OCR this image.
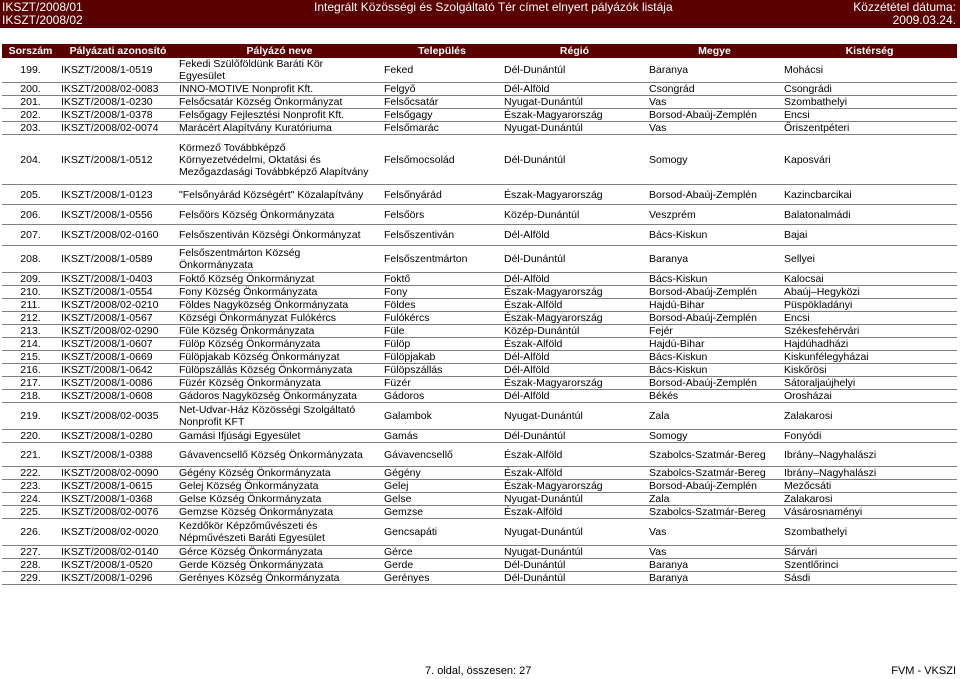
IKSZT/2008/01
IKSZT/2008/02
Integrált Közösségi és Szolgáltató Tér címet elnyert pályázók listája	Közzététel dátuma:
2009.03.24.
Sorszám	Pályázati azonosító	Pályázó neve	Település	Régió	Megye	Kistérség
199.	IKSZT/2008/1-0519	Fekedi Szülőföldünk Baráti Kör
Egyesület	Feked	Dél-Dunántúl	Baranya	Mohácsi
200.	IKSZT/2008/02-0083	INNO-MOTIVE Nonprofit Kft.	Felgyő	Dél-Alföld	Csongrád	Csongrádi
201.	IKSZT/2008/1-0230	Felsőcsatár Község Önkormányzat	Felsőcsatár	Nyugat-Dunántúl	Vas	Szombathelyi
202.	IKSZT/2008/1-0378	Felsőgagy Fejlesztési Nonprofit Kft.	Felsőgagy	Észak-Magyarország	Borsod-Abaúj-Zemplén	Encsi
203.	IKSZT/2008/02-0074	Marácért Alapítvány Kuratóriuma	Felsőmarác	Nyugat-Dunántúl	Vas	Őriszentpéteri
204.	IKSZT/2008/1-0512	Körmező Továbbképző
Környezetvédelmi, Oktatási és
Mezőgazdasági Továbbképző Alapítvány	Felsőmocsolád	Dél-Dunántúl	Somogy	Kaposvári
205.	IKSZT/2008/1-0123	"Felsőnyárád Községért" Közalapítvány	Felsőnyárád	Észak-Magyarország	Borsod-Abaúj-Zemplén	Kazincbarcikai
206.	IKSZT/2008/1-0556	Felsőörs Község Önkormányzata	Felsőörs	Közép-Dunántúl	Veszprém	Balatonalmádi
207.	IKSZT/2008/02-0160	Felsőszentiván Községi Önkormányzat	Felsőszentiván	Dél-Alföld	Bács-Kiskun	Bajai
208.	IKSZT/2008/1-0589	Felsőszentmárton Község
Önkormányzata	Felsőszentmárton	Dél-Dunántúl	Baranya	Sellyei
209.	IKSZT/2008/1-0403	Foktő Község Önkormányzat	Foktő	Dél-Alföld	Bács-Kiskun	Kalocsai
210.	IKSZT/2008/1-0554	Fony Község Önkormányzata	Fony	Észak-Magyarország	Borsod-Abaúj-Zemplén	Abaúj–Hegyközi
211.	IKSZT/2008/02-0210	Földes Nagyközség Önkormányzata	Földes	Észak-Alföld	Hajdú-Bihar	Püspökladányi
212.	IKSZT/2008/1-0567	Községi Önkormányzat Fulókércs	Fulókércs	Észak-Magyarország	Borsod-Abaúj-Zemplén	Encsi
213.	IKSZT/2008/02-0290	Füle Község Önkormányzata	Füle	Közép-Dunántúl	Fejér	Székesfehérvári
214.	IKSZT/2008/1-0607	Fülöp Község Önkormányzata	Fülöp	Észak-Alföld	Hajdú-Bihar	Hajdúhadházi
215.	IKSZT/2008/1-0669	Fülöpjakab Község Önkormányzat	Fülöpjakab	Dél-Alföld	Bács-Kiskun	Kiskunfélegyházai
216.	IKSZT/2008/1-0642	Fülöpszállás Község Önkormányzata	Fülöpszállás	Dél-Alföld	Bács-Kiskun	Kiskőrösi
217.	IKSZT/2008/1-0086	Füzér Község Önkormányzata	Füzér	Észak-Magyarország	Borsod-Abaúj-Zemplén	Sátoraljaújhelyi
218.	IKSZT/2008/1-0608	Gádoros Nagyközség Önkormányzata	Gádoros	Dél-Alföld	Békés	Orosházai
219.	IKSZT/2008/02-0035	Net-Udvar-Ház Közösségi Szolgáltató
Nonprofit KFT	Galambok	Nyugat-Dunántúl	Zala	Zalakarosi
220.	IKSZT/2008/1-0280	Gamási Ifjúsági Egyesület	Gamás	Dél-Dunántúl	Somogy	Fonyódi
221.	IKSZT/2008/1-0388	Gávavencsellő Község Önkormányzata	Gávavencsellő	Észak-Alföld	Szabolcs-Szatmár-Bereg	Ibrány–Nagyhalászi
222.	IKSZT/2008/02-0090	Gégény Község Önkormányzata	Gégény	Észak-Alföld	Szabolcs-Szatmár-Bereg	Ibrány–Nagyhalászi
223.	IKSZT/2008/1-0615	Gelej Község Önkormányzata	Gelej	Észak-Magyarország	Borsod-Abaúj-Zemplén	Mezőcsáti
224.	IKSZT/2008/1-0368	Gelse Község Önkormányzata	Gelse	Nyugat-Dunántúl	Zala	Zalakarosi
225.	IKSZT/2008/02-0076	Gemzse Község Önkormányzata	Gemzse	Észak-Alföld	Szabolcs-Szatmár-Bereg	Vásárosnaményi
226.	IKSZT/2008/02-0020	Kezdőkör Képzőművészeti és
Népművészeti Baráti Egyesület	Gencsapáti	Nyugat-Dunántúl	Vas	Szombathelyi
227.	IKSZT/2008/02-0140	Gérce Község Önkormányzata	Gérce	Nyugat-Dunántúl	Vas	Sárvári
228.	IKSZT/2008/1-0520	Gerde Község Önkormányzata	Gerde	Dél-Dunántúl	Baranya	Szentlőrinci
229.	IKSZT/2008/1-0296	Gerényes Község Önkormányzata	Gerényes	Dél-Dunántúl	Baranya	Sásdi
7. oldal, összesen: 27	FVM - VKSZI
